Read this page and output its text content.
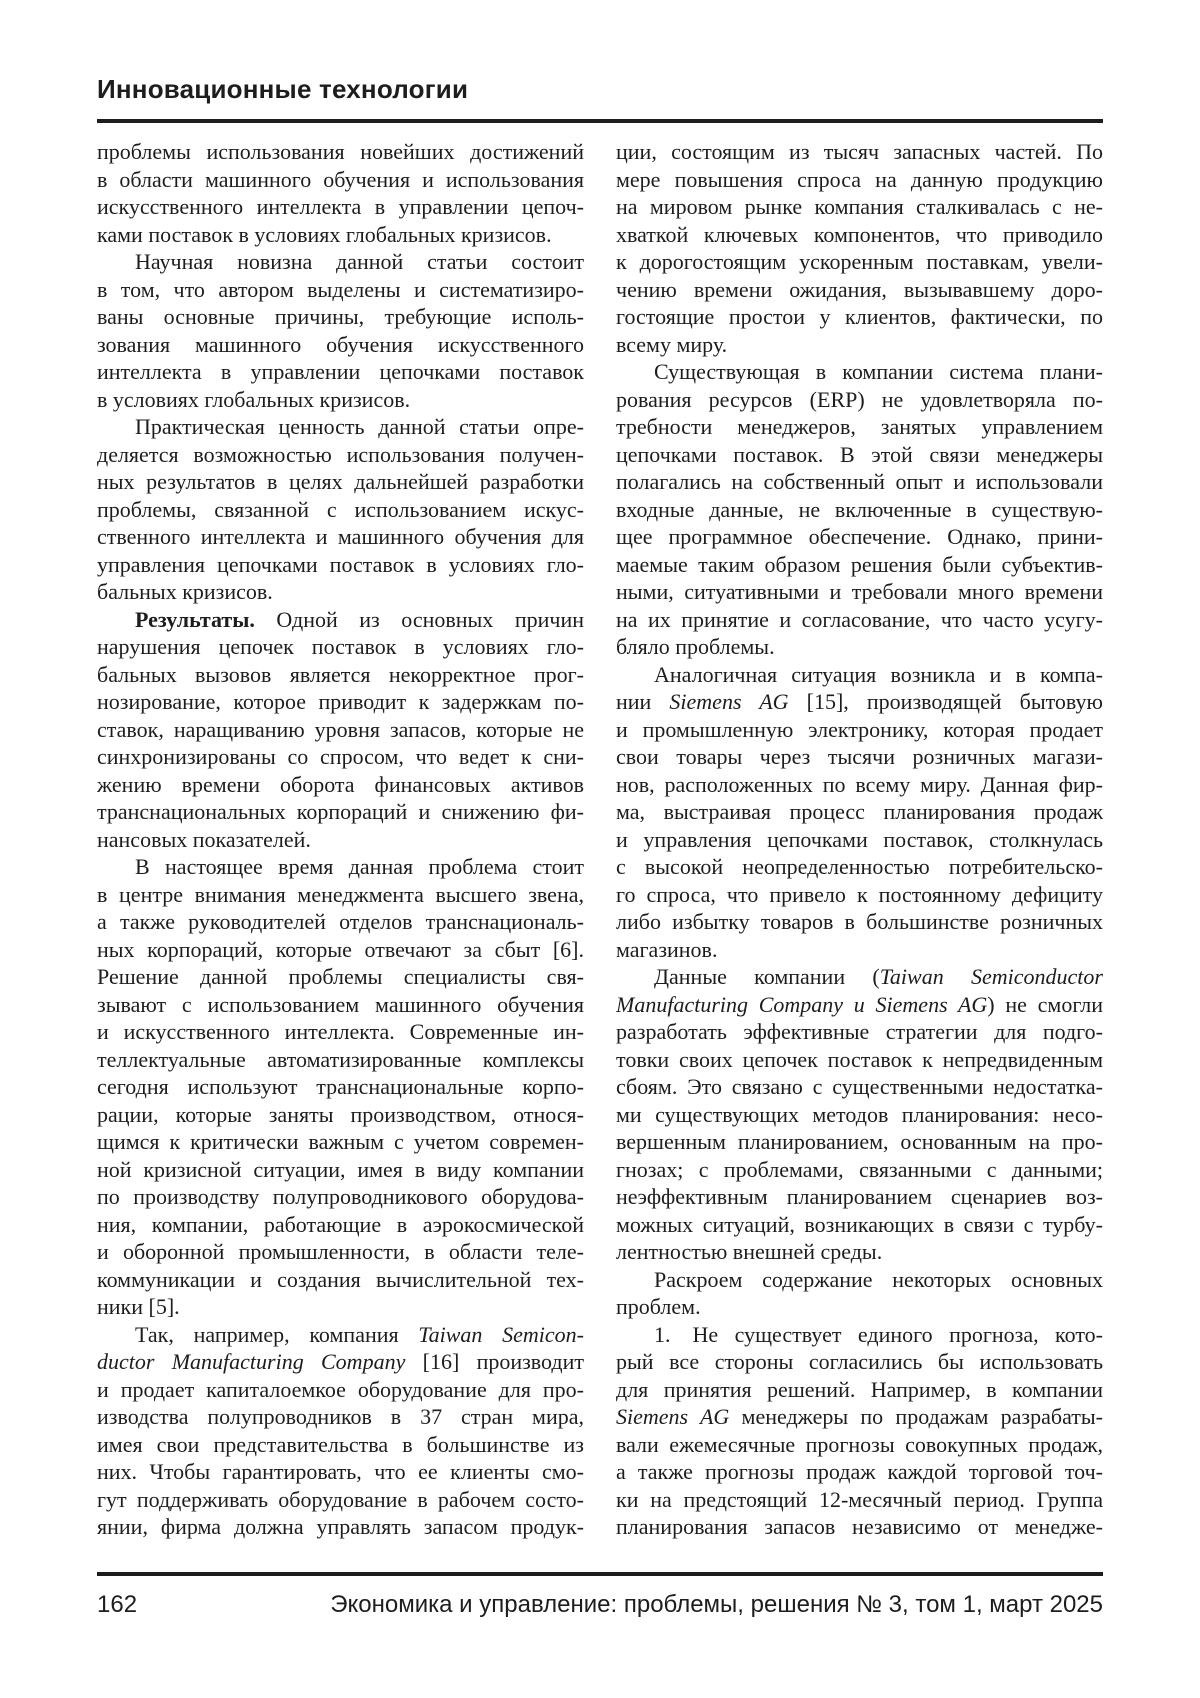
Инновационные технологии
проблемы использования новейших достижений
в области машинного обучения и использования
искусственного интеллекта в управлении цепоч-
ками поставок в условиях глобальных кризисов.
Научная новизна данной статьи состоит
в том, что автором выделены и систематизиро-
ваны основные причины, требующие исполь-
зования машинного обучения искусственного
интеллекта в управлении цепочками поставок
в условиях глобальных кризисов.
Практическая ценность данной статьи опре-
деляется возможностью использования получен-
ных результатов в целях дальнейшей разработки
проблемы, связанной с использованием искус-
ственного интеллекта и машинного обучения для
управления цепочками поставок в условиях гло-
бальных кризисов.
Результаты. Одной из основных причин
нарушения цепочек поставок в условиях гло-
бальных вызовов является некорректное прог-
нозирование, которое приводит к задержкам по-
ставок, наращиванию уровня запасов, которые не
синхронизированы со спросом, что ведет к сни-
жению времени оборота финансовых активов
транснациональных корпораций и снижению фи-
нансовых показателей.
В настоящее время данная проблема стоит
в центре внимания менеджмента высшего звена,
а также руководителей отделов транснациональ-
ных корпораций, которые отвечают за сбыт [6].
Решение данной проблемы специалисты свя-
зывают с использованием машинного обучения
и искусственного интеллекта. Современные ин-
теллектуальные автоматизированные комплексы
сегодня используют транснациональные корпо-
рации, которые заняты производством, относя-
щимся к критически важным с учетом современ-
ной кризисной ситуации, имея в виду компании
по производству полупроводникового оборудова-
ния, компании, работающие в аэрокосмической
и оборонной промышленности, в области теле-
коммуникации и создания вычислительной тех-
ники [5].
Так, например, компания Taiwan Semicon-
ductor Manufacturing Company [16] производит
и продает капиталоемкое оборудование для про-
изводства полупроводников в 37 стран мира,
имея свои представительства в большинстве из
них. Чтобы гарантировать, что ее клиенты смо-
гут поддерживать оборудование в рабочем состо-
янии, фирма должна управлять запасом продук-
ции, состоящим из тысяч запасных частей. По
мере повышения спроса на данную продукцию
на мировом рынке компания сталкивалась с не-
хваткой ключевых компонентов, что приводило
к дорогостоящим ускоренным поставкам, увели-
чению времени ожидания, вызывавшему доро-
гостоящие простои у клиентов, фактически, по
всему миру.
Существующая в компании система плани-
рования ресурсов (ERP) не удовлетворяла по-
требности менеджеров, занятых управлением
цепочками поставок. В этой связи менеджеры
полагались на собственный опыт и использовали
входные данные, не включенные в существую-
щее программное обеспечение. Однако, прини-
маемые таким образом решения были субъектив-
ными, ситуативными и требовали много времени
на их принятие и согласование, что часто усугу-
бляло проблемы.
Аналогичная ситуация возникла и в компа-
нии Siemens AG [15], производящей бытовую
и промышленную электронику, которая продает
свои товары через тысячи розничных магази-
нов, расположенных по всему миру. Данная фир-
ма, выстраивая процесс планирования продаж
и управления цепочками поставок, столкнулась
с высокой неопределенностью потребительско-
го спроса, что привело к постоянному дефициту
либо избытку товаров в большинстве розничных
магазинов.
Данные компании (Taiwan Semiconductor
Manufacturing Company и Siemens AG) не смогли
разработать эффективные стратегии для подго-
товки своих цепочек поставок к непредвиденным
сбоям. Это связано с существенными недостатка-
ми существующих методов планирования: несо-
вершенным планированием, основанным на про-
гнозах; с проблемами, связанными с данными;
неэффективным планированием сценариев воз-
можных ситуаций, возникающих в связи с турбу-
лентностью внешней среды.
Раскроем содержание некоторых основных
проблем.
1. Не существует единого прогноза, кото-
рый все стороны согласились бы использовать
для принятия решений. Например, в компании
Siemens AG менеджеры по продажам разрабаты-
вали ежемесячные прогнозы совокупных продаж,
а также прогнозы продаж каждой торговой точ-
ки на предстоящий 12-месячный период. Группа
планирования запасов независимо от менедже-
162	Экономика и управление: проблемы, решения № 3, том 1, март 2025
